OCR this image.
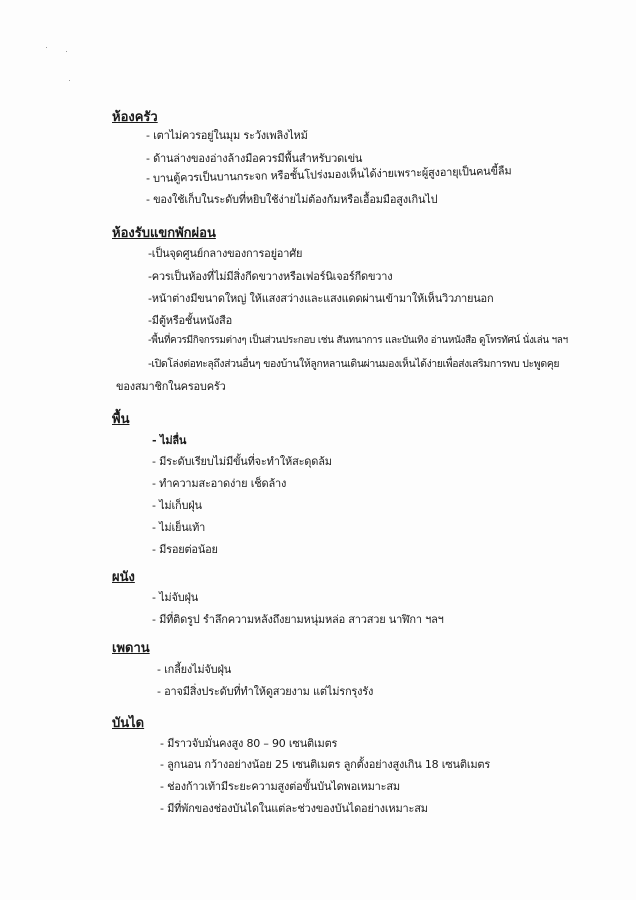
ห้องครัว
- เตาไม่ควรอยู่ในมุม ระวังเพลิงไหม้
- ด้านล่างของอ่างล้างมือควรมีพื้นสำหรับวดเข่น
- บานตู้ควรเป็นบานกระจก หรือชั้นโปร่งมองเห็นได้ง่ายเพราะผู้สูงอายุเป็นคนขี้ลืม
- ของใช้เก็บในระดับที่หยิบใช้ง่ายไม่ต้องก้มหรือเอื้อมมือสูงเกินไป
ห้องรับแขกพักผ่อน
-เป็นจุดศูนย์กลางของการอยู่อาศัย
-ควรเป็นห้องที่ไม่มีสิ่งกีดขวางหรือเฟอร์นิเจอร์กีดขวาง
-หน้าต่างมีขนาดใหญ่ ให้แสงสว่างและแสงแดดผ่านเข้ามาให้เห็นวิวภายนอก
-มีตู้หรือชั้นหนังสือ
-พื้นที่ควรมีกิจกรรมต่างๆ เป็นส่วนประกอบ เช่น สันทนาการ และบันเทิง อ่านหนังสือ ดูโทรทัศน์ นั่งเล่น ฯลฯ
-เปิดโล่งต่อทะลุถึงส่วนอื่นๆ ของบ้านให้ลูกหลานเดินผ่านมองเห็นได้ง่ายเพื่อส่งเสริมการพบ ปะพูดคุย
ของสมาชิกในครอบครัว
พื้น
- ไม่ลื่น
- มีระดับเรียบไม่มีขั้นที่จะทำให้สะดุดล้ม
- ทำความสะอาดง่าย เช็ดล้าง
- ไม่เก็บฝุ่น
- ไม่เย็นเท้า
- มีรอยต่อน้อย
ผนัง
- ไม่จับฝุ่น
- มีที่ติดรูป รำลึกความหลังถึงยามหนุ่มหล่อ สาวสวย นาฬิกา ฯลฯ
เพดาน
- เกลี้ยงไม่จับฝุ่น
- อาจมีสิ่งประดับที่ทำให้ดูสวยงาม แต่ไม่รกรุงรัง
บันได
- มีราวจับมั่นคงสูง 80 – 90 เซนติเมตร
- ลูกนอน กว้างอย่างน้อย 25 เซนติเมตร ลูกตั้งอย่างสูงเกิน 18 เซนติเมตร
- ช่องก้าวเท้ามีระยะความสูงต่อขั้นบันไดพอเหมาะสม
- มีที่พักของช่องบันไดในแต่ละช่วงของบันไดอย่างเหมาะสม
